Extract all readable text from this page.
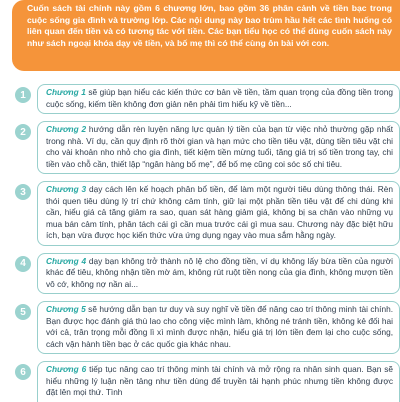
Cuốn sách tài chính này gồm 6 chương lớn, bao gồm 36 phân cảnh về tiền bạc trong cuộc sống gia đình và trường lớp. Các nội dung này bao trùm hầu hết các tình huống có liên quan đến tiền và có tương tác với tiền. Các bạn tiểu học có thể dùng cuốn sách này như sách ngoại khóa dạy về tiền, và bố mẹ thì có thể cùng ôn bài với con.
1	Chương 1 sẽ giúp bạn hiểu các kiến thức cơ bản về tiền, tầm quan trọng của đồng tiền trong cuộc sống, kiếm tiền không đơn giản nên phải tìm hiểu kỹ về tiền...
2	Chương 2 hướng dẫn rèn luyện năng lực quản lý tiền của bạn từ việc nhỏ thường gặp nhất trong nhà. Ví dụ, cần quy định rõ thời gian và hạn mức cho tiền tiêu vặt, dùng tiền tiêu vặt chi cho vài khoản nho nhỏ cho gia đình, tiết kiệm tiền mừng tuổi, tăng giá trị số tiền trong tay, chi tiền vào chỗ cần, thiết lập “ngân hàng bố mẹ”, để bố mẹ cũng coi sóc số chi tiêu.
3	Chương 3 dạy cách lên kế hoạch phân bổ tiền, để làm một người tiêu dùng thông thái. Rèn thói quen tiêu dùng lý trí chứ không cảm tính, giữ lại một phần tiền tiêu vặt để chi dùng khi cần, hiểu giá cả tăng giảm ra sao, quan sát hàng giảm giá, không bị sa chân vào những vụ mua bán cảm tính, phân tách cái gì cần mua trước cái gì mua sau. Chương này đặc biệt hữu ích, bạn vừa được học kiến thức vừa ứng dụng ngay vào mua sắm hằng ngày.
4	Chương 4 dạy bạn không trở thành nô lệ cho đồng tiền, ví dụ không lấy bừa tiền của người khác để tiêu, không nhận tiền mờ ám, không rút ruột tiền nong của gia đình, không mượn tiền vô cớ, không nợ nần ai...
5	Chương 5 sẽ hướng dẫn bạn tư duy và suy nghĩ về tiền để nâng cao trí thông minh tài chính. Bạn được học đánh giá thù lao cho công việc mình làm, không né tránh tiền, không kẻ đối hai với cả, trân trọng mỗi đồng lì xì mình được nhận, hiểu giá trị lớn tiền đem lại cho cuộc sống, cách vận hành tiền bạc ở các quốc gia khác nhau.
6	Chương 6 tiếp tục nâng cao trí thông minh tài chính và mở rộng ra nhân sinh quan. Bạn sẽ hiểu những lý luận nền tảng như tiền dùng để truyền tải hạnh phúc nhưng tiền không được đặt lên mọi thứ. Tình
